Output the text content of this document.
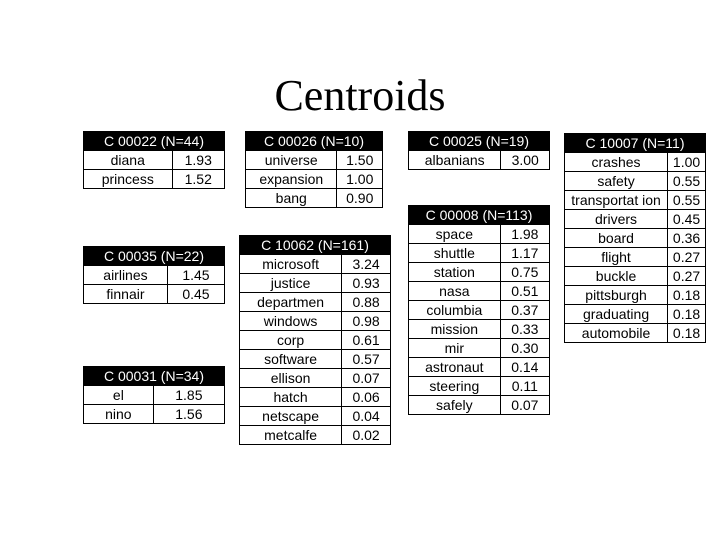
Centroids
C 00022 (N=44)	
diana	1.93
princess	1.52
C 00026 (N=10)	
universe	1.50
expansion	1.00
bang	0.90
C 00025 (N=19)
albanians	3.00
C 10007 (N=11)	
crashes	1.00
safety	0.55
transportat ion	0.55
drivers	0.45
board	0.36
flight	0.27
buckle	0.27
pittsburgh	0.18
graduating	0.18
automobile	0.18
C 00008 (N=113)	
space	1.98
shuttle	1.17
station	0.75
nasa	0.51
columbia	0.37
mission	0.33
mir	0.30
astronaut	0.14
steering	0.11
safely	0.07
C 00035 (N=22)	
airlines	1.45
finnair	0.45
C 10062 (N=161)	
microsoft	3.24
justice	0.93
departmen	0.88
windows	0.98
corp	0.61
software	0.57
ellison	0.07
hatch	0.06
netscape	0.04
metcalfe	0.02
C 00031 (N=34)	
el	1.85
nino	1.56
